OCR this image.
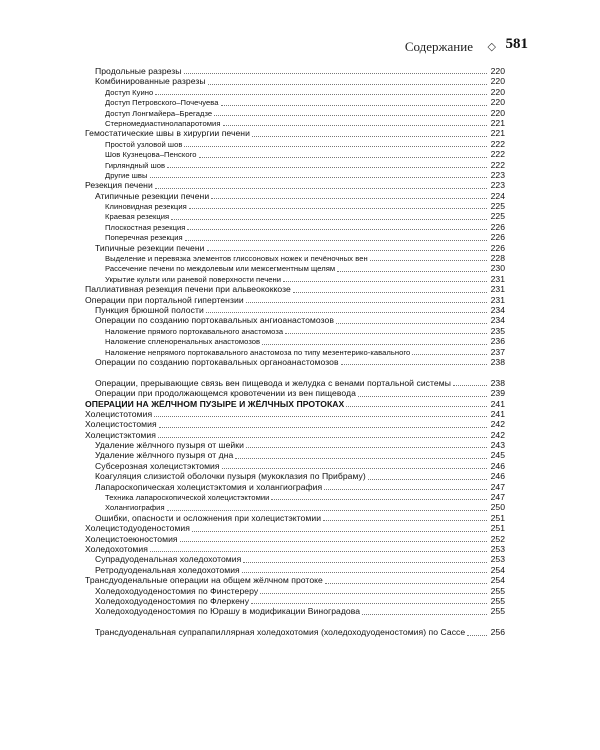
Содержание ◇ 581
Продольные разрезы	220
Комбинированные разрезы	220
Доступ Куино	220
Доступ Петровского–Почечуева	220
Доступ Лонгмайера–Брегадзе	220
Стерномедиастинолапаротомия	221
Гемостатические швы в хирургии печени	221
Простой узловой шов	222
Шов Кузнецова–Пенского	222
Гирляндный шов	222
Другие швы	223
Резекция печени	223
Атипичные резекции печени	224
Клиновидная резекция	225
Краевая резекция	225
Плоскостная резекция	226
Поперечная резекция	226
Типичные резекции печени	226
Выделение и перевязка элементов глиссоновых ножек и печёночных вен	228
Рассечение печени по междолевым или межсегментным щелям	230
Укрытие культи или раневой поверхности печени	231
Паллиативная резекция печени при альвеококкозе	231
Операции при портальной гипертензии	231
Пункция брюшной полости	234
Операции по созданию портокавальных ангиоанастомозов	234
Наложение прямого портокавального анастомоза	235
Наложение спленоренальных анастомозов	236
Наложение непрямого портокавального анастомоза по типу мезентерико-кавального	237
Операции по созданию портокавальных органоанастомозов	238
Операции, прерывающие связь вен пищевода и желудка с венами портальной системы	238
Операции при продолжающемся кровотечении из вен пищевода	239
ОПЕРАЦИИ НА ЖЁЛЧНОМ ПУЗЫРЕ И ЖЁЛЧНЫХ ПРОТОКАХ	241
Холецистотомия	241
Холецистостомия	242
Холецистэктомия	242
Удаление жёлчного пузыря от шейки	243
Удаление жёлчного пузыря от дна	245
Субсерозная холецистэктомия	246
Коагуляция слизистой оболочки пузыря (мукоклазия по Прибраму)	246
Лапароскопическая холецистэктомия и холангиография	247
Техника лапароскопической холецистэктомии	247
Холангиография	250
Ошибки, опасности и осложнения при холецистэктомии	251
Холецистодуоденостомия	251
Холецистоеюностомия	252
Холедохотомия	253
Супрадуоденальная холедохотомия	253
Ретродуоденальная холедохотомия	254
Трансдуоденальные операции на общем жёлчном протоке	254
Холедоходуоденостомия по Финстереру	255
Холедоходуоденостомия по Флеркену	255
Холедоходуоденостомия по Юрашу в модификации Виноградова	255
Трансдуоденальная супрапапиллярная холедохотомия (холедоходуоденостомия) по Сассе	256
